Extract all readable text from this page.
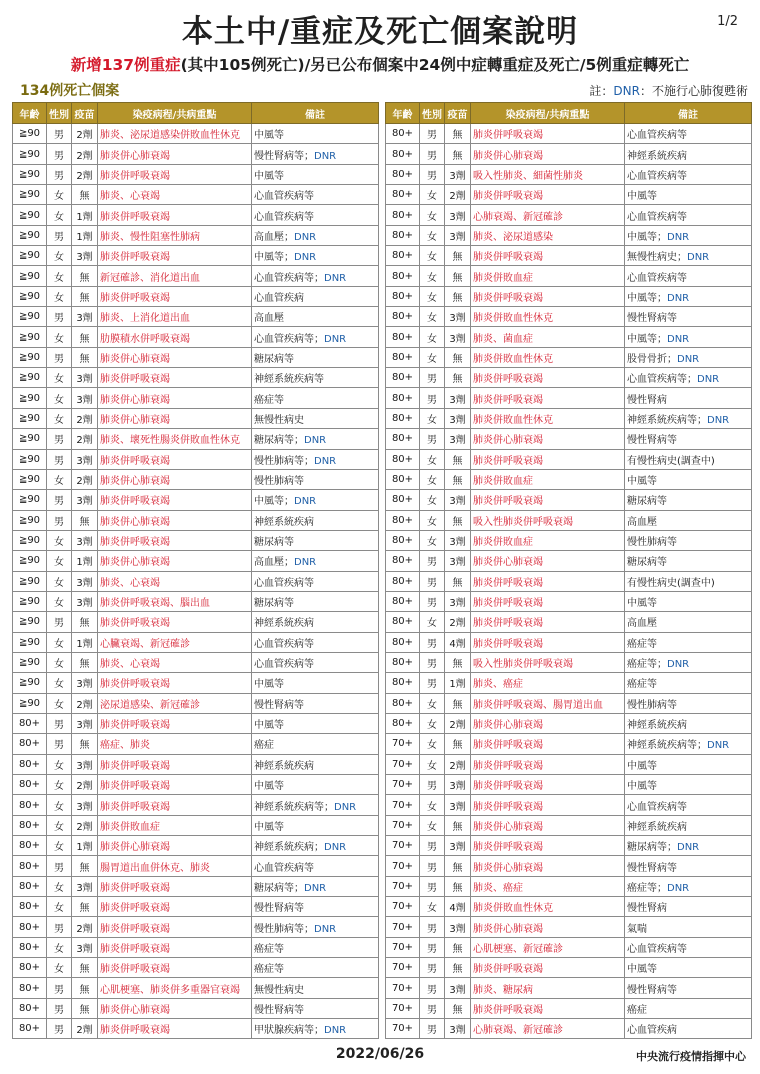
1/2
本土中/重症及死亡個案說明
新增137例重症(其中105例死亡)/另已公布個案中24例中症轉重症及死亡/5例重症轉死亡
134例死亡個案	註：DNR：不施行心肺復甦術
年齡	性別	疫苗	染疫病程/共病重點	備註
≧90	男	2劑	肺炎、泌尿道感染併敗血性休克	中風等
≧90	男	2劑	肺炎併心肺衰竭	慢性腎病等；DNR
≧90	男	2劑	肺炎併呼吸衰竭	中風等
≧90	女	無	肺炎、心衰竭	心血管疾病等
≧90	女	1劑	肺炎併呼吸衰竭	心血管疾病等
≧90	男	1劑	肺炎、慢性阻塞性肺病	高血壓；DNR
≧90	女	3劑	肺炎併呼吸衰竭	中風等；DNR
≧90	女	無	新冠確診、消化道出血	心血管疾病等；DNR
≧90	女	無	肺炎併呼吸衰竭	心血管疾病
≧90	男	3劑	肺炎、上消化道出血	高血壓
≧90	女	無	肋膜積水併呼吸衰竭	心血管疾病等；DNR
≧90	男	無	肺炎併心肺衰竭	糖尿病等
≧90	女	3劑	肺炎併呼吸衰竭	神經系統疾病等
≧90	女	3劑	肺炎併心肺衰竭	癌症等
≧90	女	2劑	肺炎併心肺衰竭	無慢性病史
≧90	男	2劑	肺炎、壞死性腸炎併敗血性休克	糖尿病等；DNR
≧90	男	3劑	肺炎併呼吸衰竭	慢性肺病等；DNR
≧90	女	2劑	肺炎併心肺衰竭	慢性肺病等
≧90	男	3劑	肺炎併呼吸衰竭	中風等；DNR
≧90	男	無	肺炎併心肺衰竭	神經系統疾病
≧90	女	3劑	肺炎併呼吸衰竭	糖尿病等
≧90	女	1劑	肺炎併心肺衰竭	高血壓；DNR
≧90	女	3劑	肺炎、心衰竭	心血管疾病等
≧90	女	3劑	肺炎併呼吸衰竭、腦出血	糖尿病等
≧90	男	無	肺炎併呼吸衰竭	神經系統疾病
≧90	女	1劑	心臟衰竭、新冠確診	心血管疾病等
≧90	女	無	肺炎、心衰竭	心血管疾病等
≧90	女	3劑	肺炎併呼吸衰竭	中風等
≧90	女	2劑	泌尿道感染、新冠確診	慢性腎病等
80+	男	3劑	肺炎併呼吸衰竭	中風等
80+	男	無	癌症、肺炎	癌症
80+	女	3劑	肺炎併呼吸衰竭	神經系統疾病
80+	女	2劑	肺炎併呼吸衰竭	中風等
80+	女	3劑	肺炎併呼吸衰竭	神經系統疾病等；DNR
80+	女	2劑	肺炎併敗血症	中風等
80+	女	1劑	肺炎併心肺衰竭	神經系統疾病；DNR
80+	男	無	腸胃道出血併休克、肺炎	心血管疾病等
80+	女	3劑	肺炎併呼吸衰竭	糖尿病等；DNR
80+	女	無	肺炎併呼吸衰竭	慢性腎病等
80+	男	2劑	肺炎併呼吸衰竭	慢性肺病等；DNR
80+	女	3劑	肺炎併呼吸衰竭	癌症等
80+	女	無	肺炎併呼吸衰竭	癌症等
80+	男	無	心肌梗塞、肺炎併多重器官衰竭	無慢性病史
80+	男	無	肺炎併心肺衰竭	慢性腎病等
80+	男	2劑	肺炎併呼吸衰竭	甲狀腺疾病等；DNR
年齡	性別	疫苗	染疫病程/共病重點	備註
80+	男	無	肺炎併呼吸衰竭	心血管疾病等
80+	男	無	肺炎併心肺衰竭	神經系統疾病
80+	男	3劑	吸入性肺炎、細菌性肺炎	心血管疾病等
80+	女	2劑	肺炎併呼吸衰竭	中風等
80+	女	3劑	心肺衰竭、新冠確診	心血管疾病等
80+	女	3劑	肺炎、泌尿道感染	中風等；DNR
80+	女	無	肺炎併呼吸衰竭	無慢性病史；DNR
80+	女	無	肺炎併敗血症	心血管疾病等
80+	女	無	肺炎併呼吸衰竭	中風等；DNR
80+	女	3劑	肺炎併敗血性休克	慢性腎病等
80+	女	3劑	肺炎、菌血症	中風等；DNR
80+	女	無	肺炎併敗血性休克	股骨骨折；DNR
80+	男	無	肺炎併呼吸衰竭	心血管疾病等；DNR
80+	男	3劑	肺炎併呼吸衰竭	慢性腎病
80+	女	3劑	肺炎併敗血性休克	神經系統疾病等；DNR
80+	男	3劑	肺炎併心肺衰竭	慢性腎病等
80+	女	無	肺炎併呼吸衰竭	有慢性病史(調查中)
80+	女	無	肺炎併敗血症	中風等
80+	女	3劑	肺炎併呼吸衰竭	糖尿病等
80+	女	無	吸入性肺炎併呼吸衰竭	高血壓
80+	女	3劑	肺炎併敗血症	慢性肺病等
80+	男	3劑	肺炎併心肺衰竭	糖尿病等
80+	男	無	肺炎併呼吸衰竭	有慢性病史(調查中)
80+	男	3劑	肺炎併呼吸衰竭	中風等
80+	女	2劑	肺炎併呼吸衰竭	高血壓
80+	男	4劑	肺炎併呼吸衰竭	癌症等
80+	男	無	吸入性肺炎併呼吸衰竭	癌症等；DNR
80+	男	1劑	肺炎、癌症	癌症等
80+	女	無	肺炎併呼吸衰竭、腸胃道出血	慢性肺病等
80+	女	2劑	肺炎併心肺衰竭	神經系統疾病
70+	女	無	肺炎併呼吸衰竭	神經系統疾病等；DNR
70+	女	2劑	肺炎併呼吸衰竭	中風等
70+	男	3劑	肺炎併呼吸衰竭	中風等
70+	女	3劑	肺炎併呼吸衰竭	心血管疾病等
70+	女	無	肺炎併心肺衰竭	神經系統疾病
70+	男	3劑	肺炎併呼吸衰竭	糖尿病等；DNR
70+	男	無	肺炎併心肺衰竭	慢性腎病等
70+	男	無	肺炎、癌症	癌症等；DNR
70+	女	4劑	肺炎併敗血性休克	慢性腎病
70+	男	3劑	肺炎併心肺衰竭	氣喘
70+	男	無	心肌梗塞、新冠確診	心血管疾病等
70+	男	無	肺炎併呼吸衰竭	中風等
70+	男	3劑	肺炎、糖尿病	慢性腎病等
70+	男	無	肺炎併呼吸衰竭	癌症
70+	男	3劑	心肺衰竭、新冠確診	心血管疾病
2022/06/26	中央流行疫情指揮中心
